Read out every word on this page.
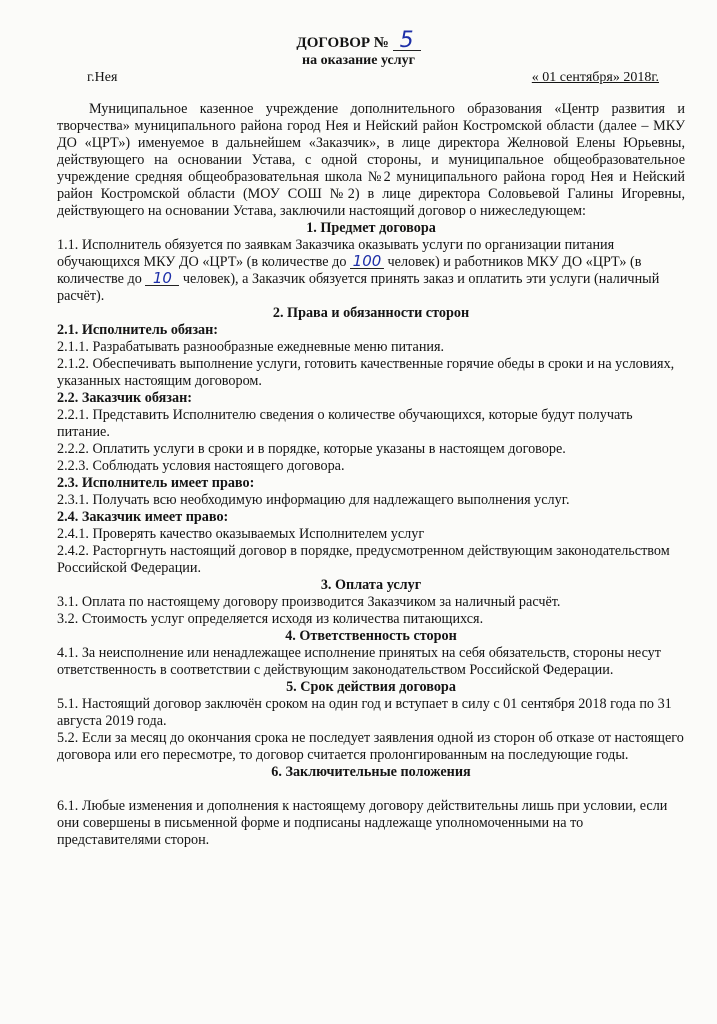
ДОГОВОР № 5
на оказание услуг
г.Нея	« 01 сентября» 2018г.

Муниципальное казенное учреждение дополнительного образования «Центр развития и творчества» муниципального района город Нея и Нейский район Костромской области (далее – МКУ ДО «ЦРТ») именуемое в дальнейшем «Заказчик», в лице директора Желновой Елены Юрьевны, действующего на основании Устава, с одной стороны, и муниципальное общеобразовательное учреждение средняя общеобразовательная школа №2 муниципального района город Нея и Нейский район Костромской области (МОУ СОШ №2) в лице директора Соловьевой Галины Игоревны, действующего на основании Устава, заключили настоящий договор о нижеследующем:

1. Предмет договора

1.1. Исполнитель обязуется по заявкам Заказчика оказывать услуги по организации питания обучающихся МКУ ДО «ЦРТ» (в количестве до 100 человек) и работников МКУ ДО «ЦРТ» (в количестве до 10 человек), а Заказчик обязуется принять заказ и оплатить эти услуги (наличный расчёт).

2. Права и обязанности сторон

2.1. Исполнитель обязан:

2.1.1. Разрабатывать разнообразные ежедневные меню питания.

2.1.2. Обеспечивать выполнение услуги, готовить качественные горячие обеды в сроки и на условиях, указанных настоящим договором.

2.2. Заказчик обязан:

2.2.1. Представить Исполнителю сведения о количестве обучающихся, которые будут получать питание.

2.2.2. Оплатить услуги в сроки и в порядке, которые указаны в настоящем договоре.

2.2.3. Соблюдать условия настоящего договора.

2.3. Исполнитель имеет право:

2.3.1. Получать всю необходимую информацию для надлежащего выполнения услуг.

2.4. Заказчик имеет право:

2.4.1. Проверять качество оказываемых Исполнителем услуг

2.4.2. Расторгнуть настоящий договор в порядке, предусмотренном действующим законодательством Российской Федерации.

3. Оплата услуг

3.1. Оплата по настоящему договору производится Заказчиком за наличный расчёт.

3.2. Стоимость услуг определяется исходя из количества питающихся.

4. Ответственность сторон

4.1. За неисполнение или ненадлежащее исполнение принятых на себя обязательств, стороны несут ответственность в соответствии с действующим законодательством Российской Федерации.

5. Срок действия договора

5.1. Настоящий договор заключён сроком на один год и вступает в силу с 01 сентября 2018 года по 31 августа 2019 года.

5.2. Если за месяц до окончания срока не последует заявления одной из сторон об отказе от настоящего договора или его пересмотре, то договор считается пролонгированным на последующие годы.

6. Заключительные положения

6.1. Любые изменения и дополнения к настоящему договору действительны лишь при условии, если они совершены в письменной форме и подписаны надлежаще уполномоченными на то представителями сторон.
